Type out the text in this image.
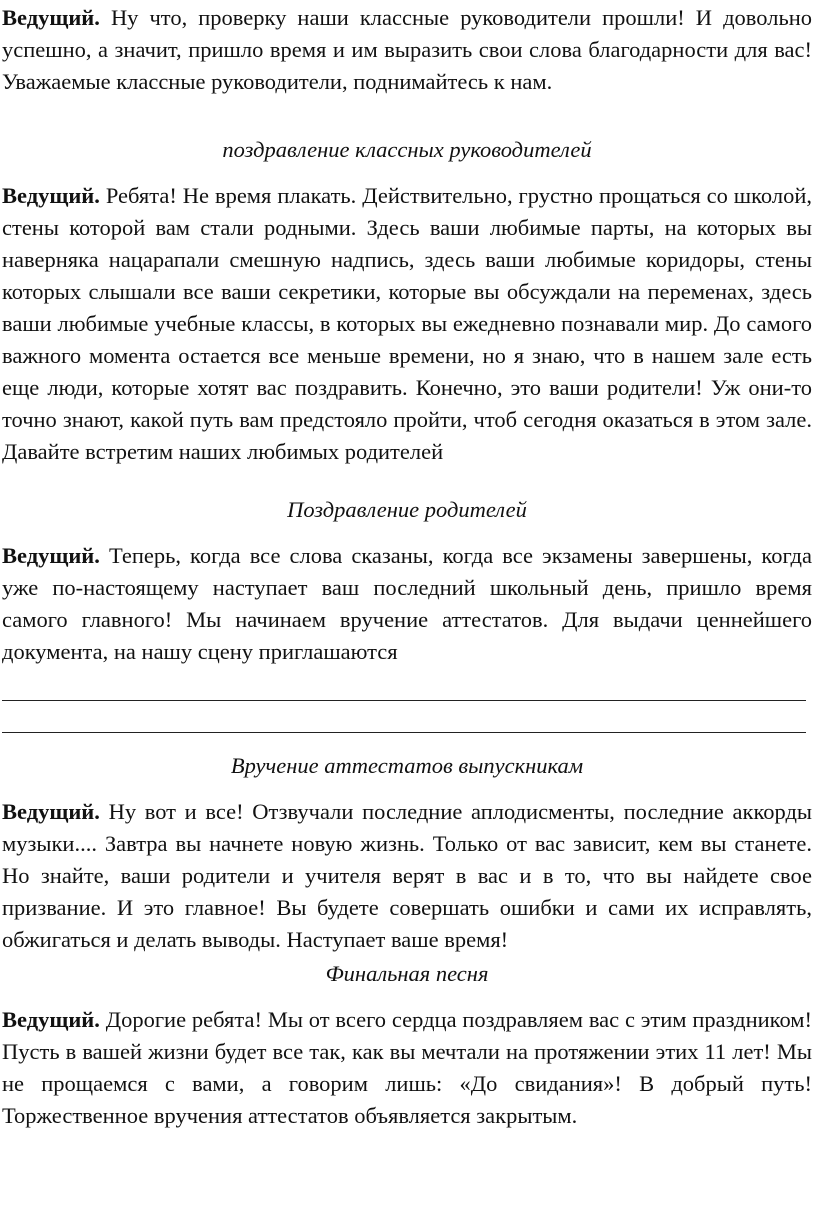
Ведущий. Ну что, проверку наши классные руководители прошли! И довольно успешно, а значит, пришло время и им выразить свои слова благодарности для вас! Уважаемые классные руководители, поднимайтесь к нам.

поздравление классных руководителей

Ведущий. Ребята! Не время плакать. Действительно, грустно прощаться со школой, стены которой вам стали родными. Здесь ваши любимые парты, на которых вы наверняка нацарапали смешную надпись, здесь ваши любимые коридоры, стены которых слышали все ваши секретики, которые вы обсуждали на переменах, здесь ваши любимые учебные классы, в которых вы ежедневно познавали мир. До самого важного момента остается все меньше времени, но я знаю, что в нашем зале есть еще люди, которые хотят вас поздравить. Конечно, это ваши родители! Уж они-то точно знают, какой путь вам предстояло пройти, чтоб сегодня оказаться в этом зале. Давайте встретим наших любимых родителей

Поздравление родителей

Ведущий. Теперь, когда все слова сказаны, когда все экзамены завершены, когда уже по-настоящему наступает ваш последний школьный день, пришло время самого главного! Мы начинаем вручение аттестатов. Для выдачи ценнейшего документа, на нашу сцену приглашаются

Вручение аттестатов выпускникам

Ведущий. Ну вот и все! Отзвучали последние аплодисменты, последние аккорды музыки.... Завтра вы начнете новую жизнь. Только от вас зависит, кем вы станете. Но знайте, ваши родители и учителя верят в вас и в то, что вы найдете свое призвание. И это главное! Вы будете совершать ошибки и сами их исправлять, обжигаться и делать выводы. Наступает ваше время!

Финальная песня

Ведущий. Дорогие ребята! Мы от всего сердца поздравляем вас с этим праздником! Пусть в вашей жизни будет все так, как вы мечтали на протяжении этих 11 лет! Мы не прощаемся с вами, а говорим лишь: «До свидания»! В добрый путь! Торжественное вручения аттестатов объявляется закрытым.
